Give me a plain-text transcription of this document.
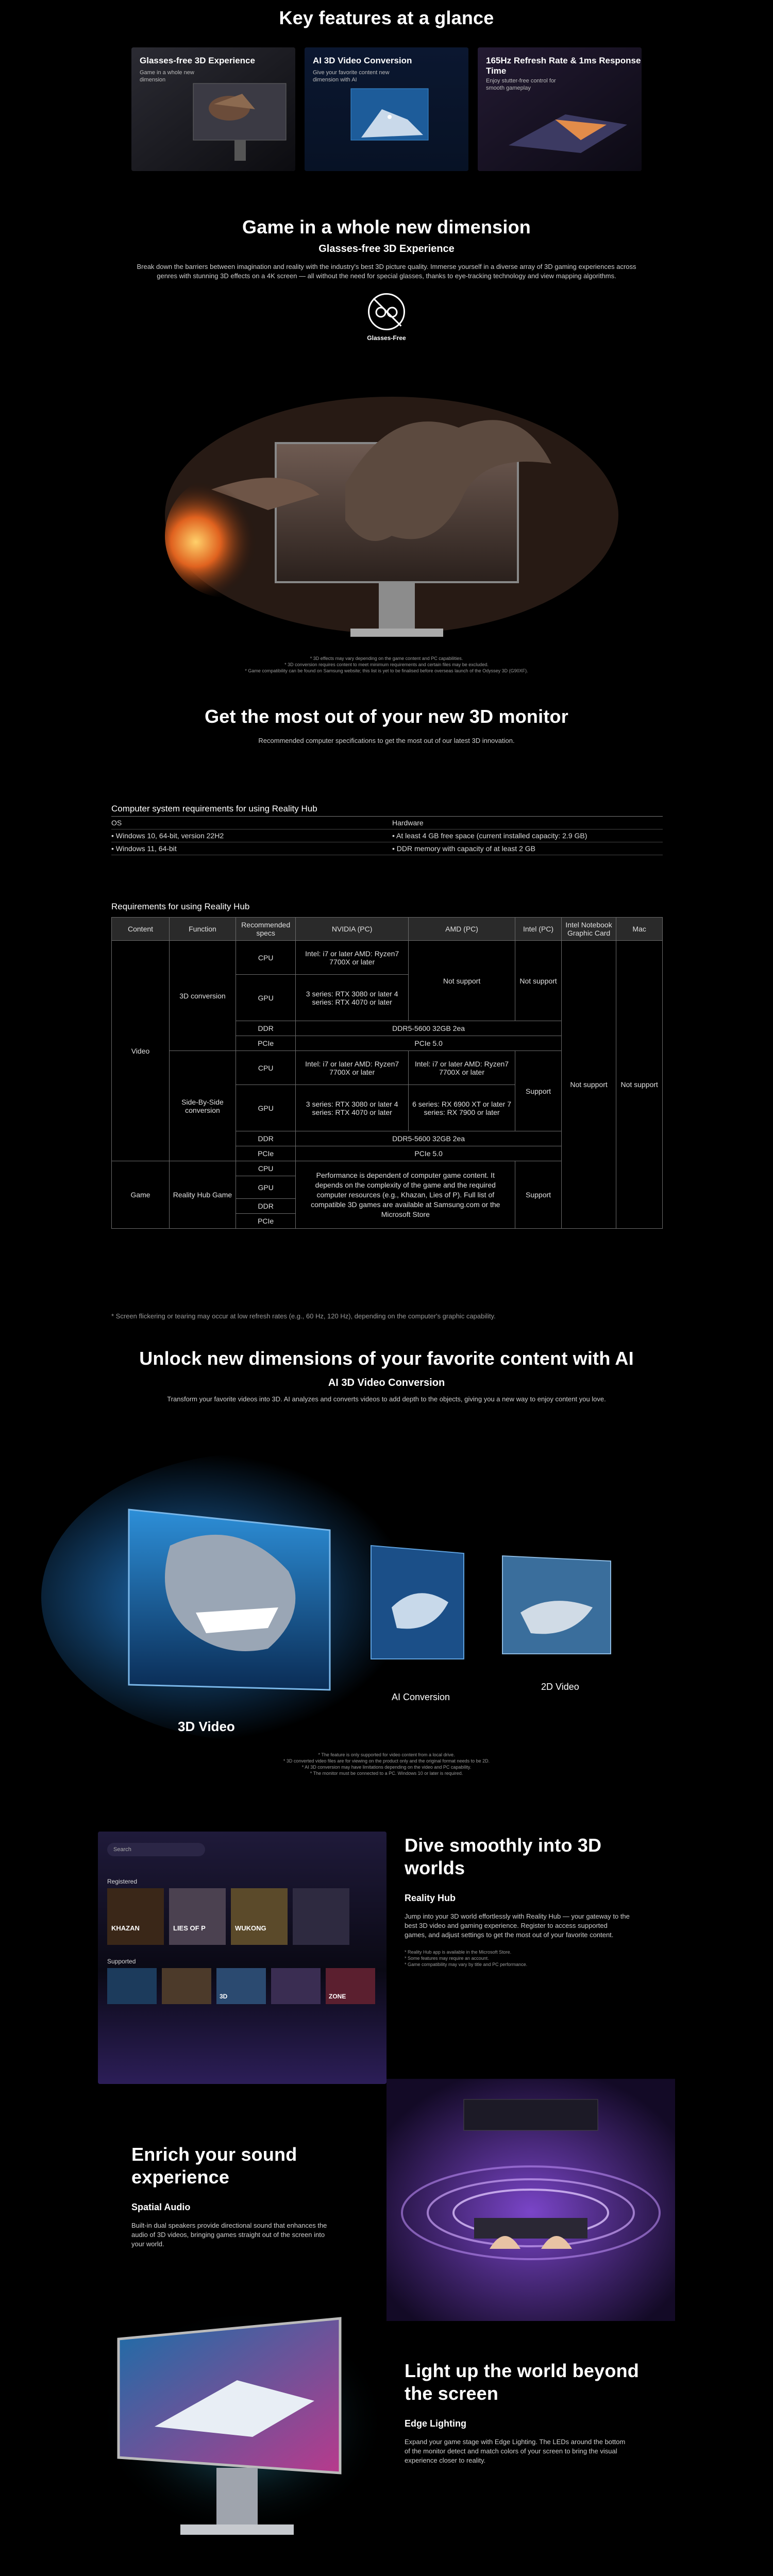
Key features at a glance
Glasses-free 3D Experience
Game in a whole new dimension
AI 3D Video Conversion
Give your favorite content new dimension with AI
165Hz Refresh Rate & 1ms Response Time
Enjoy stutter-free control for smooth gameplay
Game in a whole new dimension
Glasses-free 3D Experience

Break down the barriers between imagination and reality with the industry's best 3D picture quality. Immerse yourself in a diverse array of 3D gaming experiences across genres with stunning 3D effects on a 4K screen — all without the need for special glasses, thanks to eye-tracking technology and view mapping algorithms.

Glasses-Free
* 3D effects may vary depending on the game content and PC capabilities.
* 3D conversion requires content to meet minimum requirements and certain files may be excluded.
* Game compatibility can be found on Samsung website; this list is yet to be finalised before overseas launch of the Odyssey 3D (G90XF).
Get the most out of your new 3D monitor
Recommended computer specifications to get the most out of our latest 3D innovation.
Computer system requirements for using Reality Hub
OS	Hardware
• Windows 10, 64-bit, version 22H2	• At least 4 GB free space (current installed capacity: 2.9 GB)
• Windows 11, 64-bit	• DDR memory with capacity of at least 2 GB
Requirements for using Reality Hub
Content	Function	Recommended specs	NVIDIA (PC)	AMD (PC)	Intel (PC)	Intel Notebook Graphic Card	Mac
Video	3D conversion	CPU	Intel: i7 or later AMD: Ryzen7 7700X or later	Not support	Not support	Not support	Not support
		GPU	3 series: RTX 3080 or later 4 series: RTX 4070 or later				
		DDR	DDR5-5600 32GB 2ea				
		PCIe	PCIe 5.0				
	Side-By-Side conversion	CPU	Intel: i7 or later AMD: Ryzen7 7700X or later	Intel: i7 or later AMD: Ryzen7 7700X or later	Support		
		GPU	3 series: RTX 3080 or later 4 series: RTX 4070 or later	6 series: RX 6900 XT or later 7 series: RX 7900 or later			
		DDR	DDR5-5600 32GB 2ea				
		PCIe	PCIe 5.0				
Game	Reality Hub Game	CPU	Performance is dependent of computer game content. It depends on the complexity of the game and the required computer resources (e.g., Khazan, Lies of P). Full list of compatible 3D games are available at Samsung.com or the Microsoft Store		Support		
		GPU					
		DDR					
		PCIe					
* Screen flickering or tearing may occur at low refresh rates (e.g., 60 Hz, 120 Hz), depending on the computer's graphic capability.
Unlock new dimensions of your favorite content with AI
AI 3D Video Conversion
Transform your favorite videos into 3D. AI analyzes and converts videos to add depth to the objects, giving you a new way to enjoy content you love.
3D Video
AI Conversion
2D Video
* The feature is only supported for video content from a local drive.
* 3D converted video files are for viewing on the product only and the original format needs to be 2D.
* AI 3D conversion may have limitations depending on the video and PC capability.
* The monitor must be connected to a PC. Windows 10 or later is required.
Search
Registered
KHAZAN	LIES OF P	WUKONG
Supported
3D	ZONE
Dive smoothly into 3D worlds
Reality Hub

Jump into your 3D world effortlessly with Reality Hub — your gateway to the best 3D video and gaming experience. Register to access supported games, and adjust settings to get the most out of your favorite content.

* Reality Hub app is available in the Microsoft Store.
* Some features may require an account.
* Game compatibility may vary by title and PC performance.
Enrich your sound experience
Spatial Audio

Built-in dual speakers provide directional sound that enhances the audio of 3D videos, bringing games straight out of the screen into your world.

Light up the world beyond the screen
Edge Lighting

Expand your game stage with Edge Lighting. The LEDs around the bottom of the monitor detect and match colors of your screen to bring the visual experience closer to reality.
